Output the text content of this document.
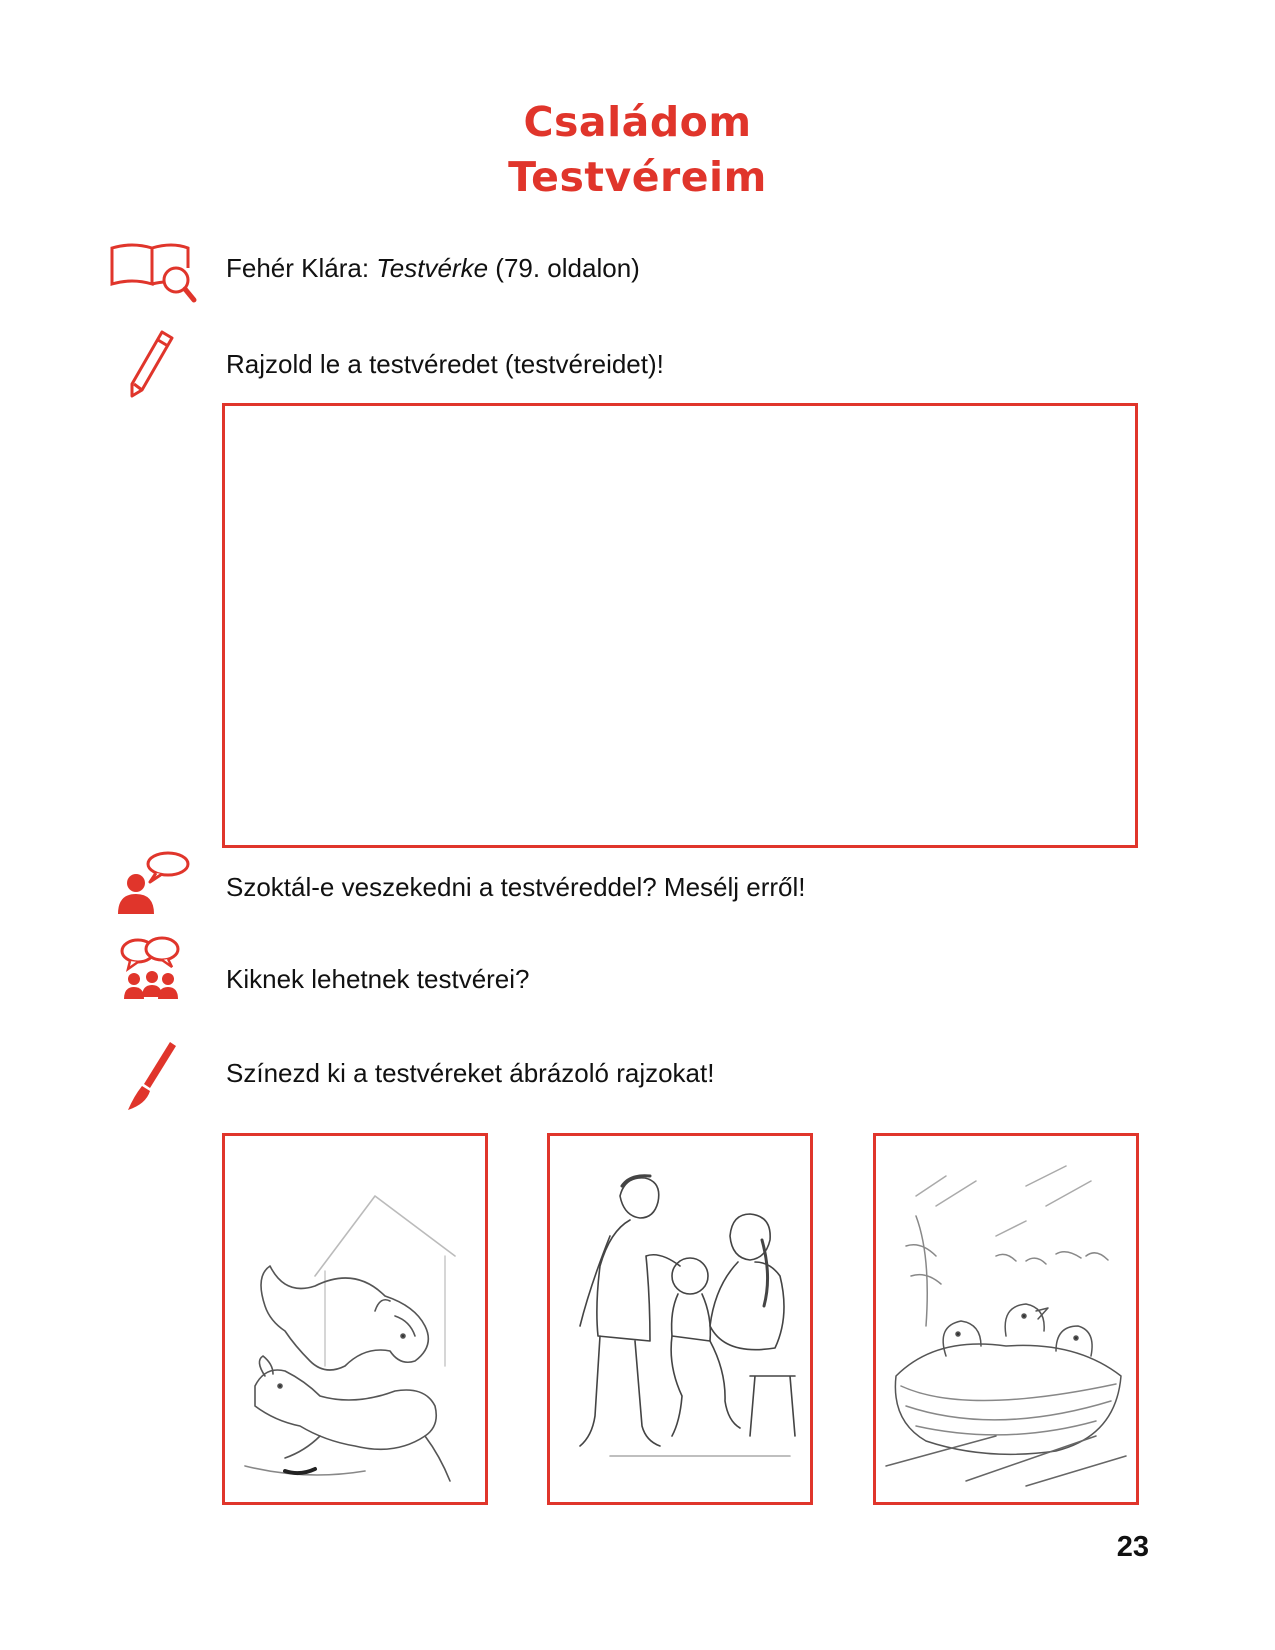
Családom
Testvéreim
Fehér Klára: Testvérke (79. oldalon)
Rajzold le a testvéredet (testvéreidet)!
Szoktál-e veszekedni a testvéreddel? Mesélj erről!
Kiknek lehetnek testvérei?
Színezd ki a testvéreket ábrázoló rajzokat!
23
